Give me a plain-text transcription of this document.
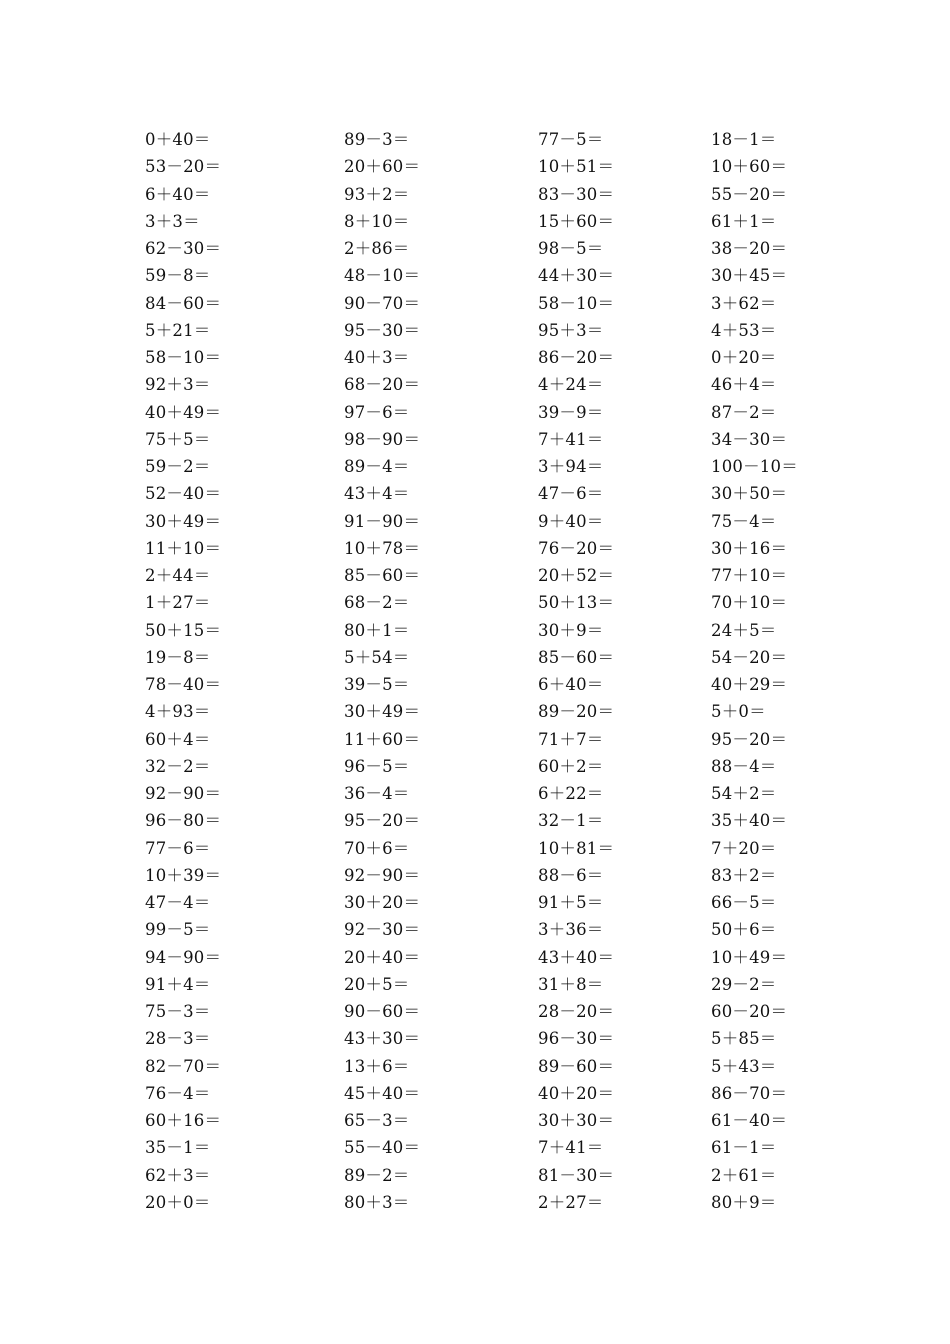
0＋40＝
53－20＝
6＋40＝
3＋3＝
62－30＝
59－8＝
84－60＝
5＋21＝
58－10＝
92＋3＝
40＋49＝
75＋5＝
59－2＝
52－40＝
30＋49＝
11＋10＝
2＋44＝
1＋27＝
50＋15＝
19－8＝
78－40＝
4＋93＝
60＋4＝
32－2＝
92－90＝
96－80＝
77－6＝
10＋39＝
47－4＝
99－5＝
94－90＝
91＋4＝
75－3＝
28－3＝
82－70＝
76－4＝
60＋16＝
35－1＝
62＋3＝
20＋0＝
89－3＝
20＋60＝
93＋2＝
8＋10＝
2＋86＝
48－10＝
90－70＝
95－30＝
40＋3＝
68－20＝
97－6＝
98－90＝
89－4＝
43＋4＝
91－90＝
10＋78＝
85－60＝
68－2＝
80＋1＝
5＋54＝
39－5＝
30＋49＝
11＋60＝
96－5＝
36－4＝
95－20＝
70＋6＝
92－90＝
30＋20＝
92－30＝
20＋40＝
20＋5＝
90－60＝
43＋30＝
13＋6＝
45＋40＝
65－3＝
55－40＝
89－2＝
80＋3＝
77－5＝
10＋51＝
83－30＝
15＋60＝
98－5＝
44＋30＝
58－10＝
95＋3＝
86－20＝
4＋24＝
39－9＝
7＋41＝
3＋94＝
47－6＝
9＋40＝
76－20＝
20＋52＝
50＋13＝
30＋9＝
85－60＝
6＋40＝
89－20＝
71＋7＝
60＋2＝
6＋22＝
32－1＝
10＋81＝
88－6＝
91＋5＝
3＋36＝
43＋40＝
31＋8＝
28－20＝
96－30＝
89－60＝
40＋20＝
30＋30＝
7＋41＝
81－30＝
2＋27＝
18－1＝
10＋60＝
55－20＝
61＋1＝
38－20＝
30＋45＝
3＋62＝
4＋53＝
0＋20＝
46＋4＝
87－2＝
34－30＝
100－10＝
30＋50＝
75－4＝
30＋16＝
77＋10＝
70＋10＝
24＋5＝
54－20＝
40＋29＝
5＋0＝
95－20＝
88－4＝
54＋2＝
35＋40＝
7＋20＝
83＋2＝
66－5＝
50＋6＝
10＋49＝
29－2＝
60－20＝
5＋85＝
5＋43＝
86－70＝
61－40＝
61－1＝
2＋61＝
80＋9＝
